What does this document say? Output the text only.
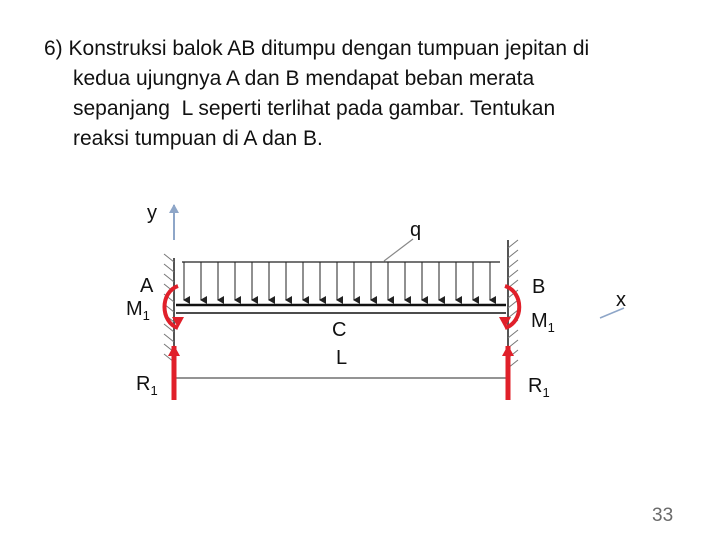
6) Konstruksi balok AB ditumpu dengan tumpuan jepitan di
kedua ujungnya A dan B mendapat beban merata
sepanjang  L seperti terlihat pada gambar. Tentukan
reaksi tumpuan di A dan B.
y
q
A
$M_1$
C
L
B
$M_1$
x
$R_1$	$R_1$
33
